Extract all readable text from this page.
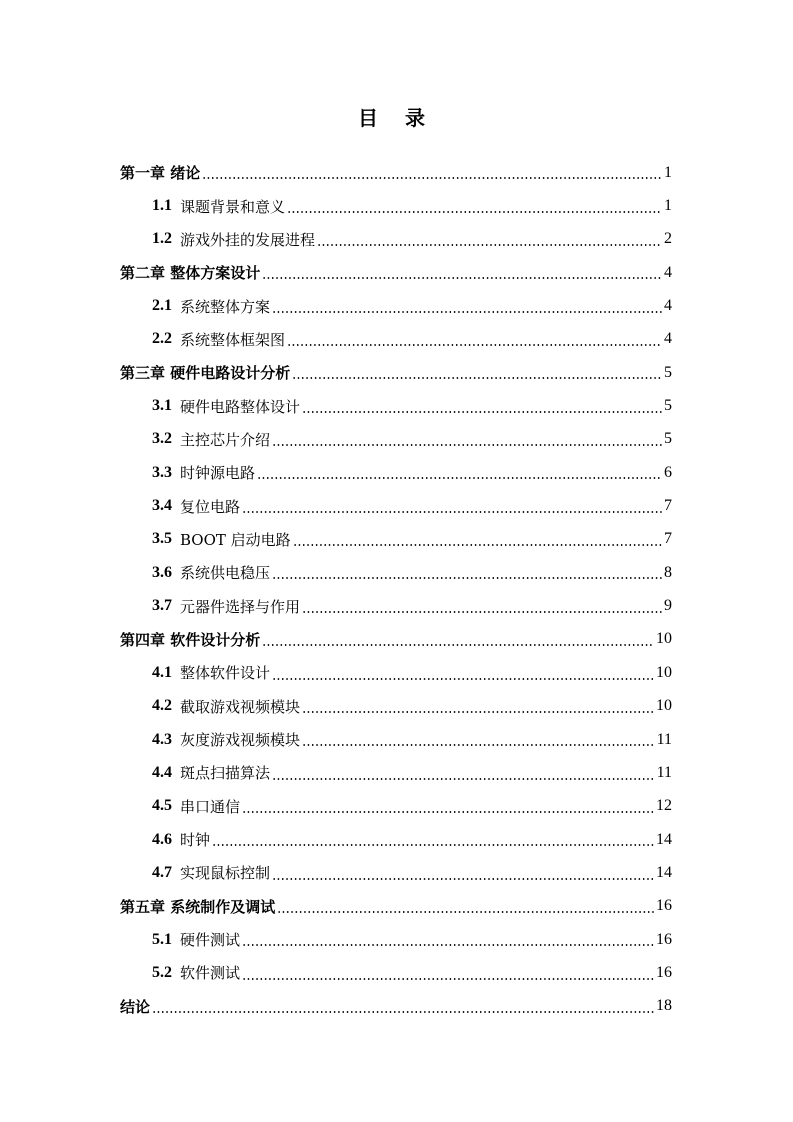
目 录
第一章 绪论	1
1.1 课题背景和意义	1
1.2 游戏外挂的发展进程	2
第二章 整体方案设计	4
2.1 系统整体方案	4
2.2 系统整体框架图	4
第三章 硬件电路设计分析	5
3.1 硬件电路整体设计	5
3.2 主控芯片介绍	5
3.3 时钟源电路	6
3.4 复位电路	7
3.5 BOOT 启动电路	7
3.6 系统供电稳压	8
3.7 元器件选择与作用	9
第四章 软件设计分析	10
4.1 整体软件设计	10
4.2 截取游戏视频模块	10
4.3 灰度游戏视频模块	11
4.4 斑点扫描算法	11
4.5 串口通信	12
4.6 时钟	14
4.7 实现鼠标控制	14
第五章 系统制作及调试	16
5.1 硬件测试	16
5.2 软件测试	16
结论	18
